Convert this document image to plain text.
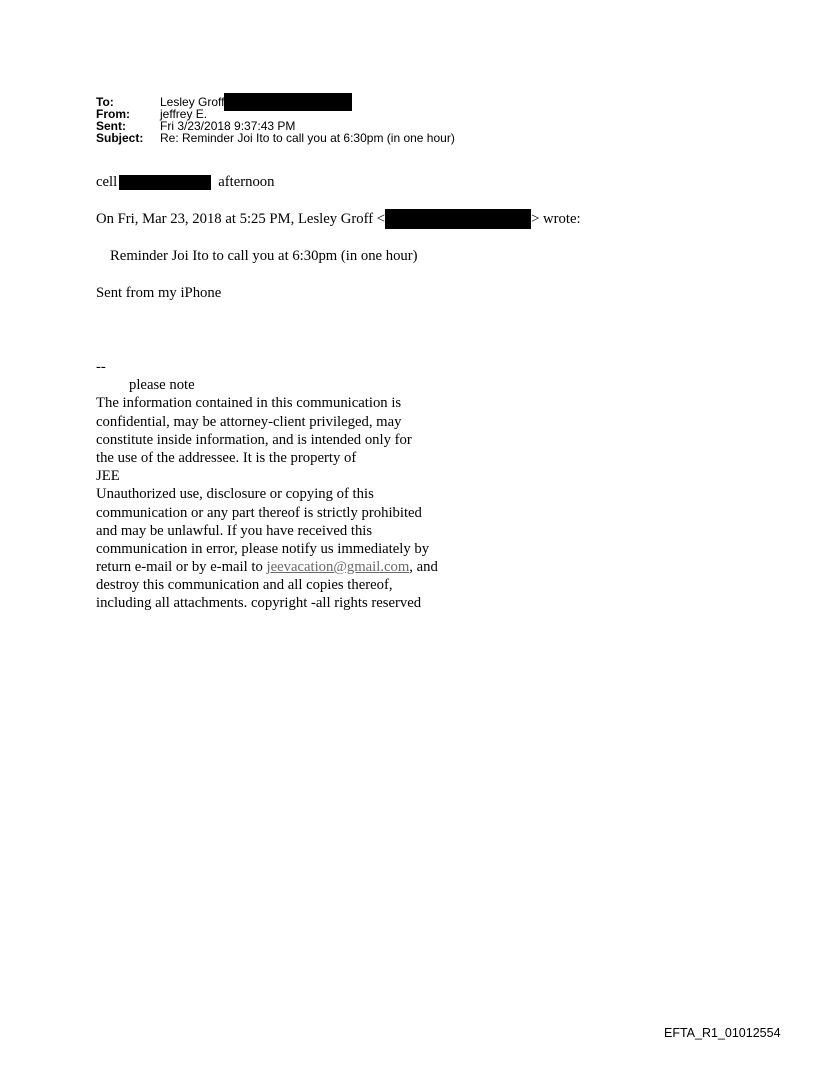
To:	Lesley Groff
From:	jeffrey E.
Sent:	Fri 3/23/2018 9:37:43 PM
Subject: Re: Reminder Joi Ito to call you at 6:30pm (in one hour)
cell	afternoon
On Fri, Mar 23, 2018 at 5:25 PM, Lesley Groff <	> wrote:
Reminder Joi Ito to call you at 6:30pm (in one hour)
Sent from my iPhone
--
please note
The information contained in this communication is
confidential, may be attorney-client privileged, may
constitute inside information, and is intended only for
the use of the addressee. It is the property of
JEE
Unauthorized use, disclosure or copying of this
communication or any part thereof is strictly prohibited
and may be unlawful. If you have received this
communication in error, please notify us immediately by
return e-mail or by e-mail to jeevacation@gmail.com, and
destroy this communication and all copies thereof,
including all attachments. copyright -all rights reserved
EFTA_R1_01012554
